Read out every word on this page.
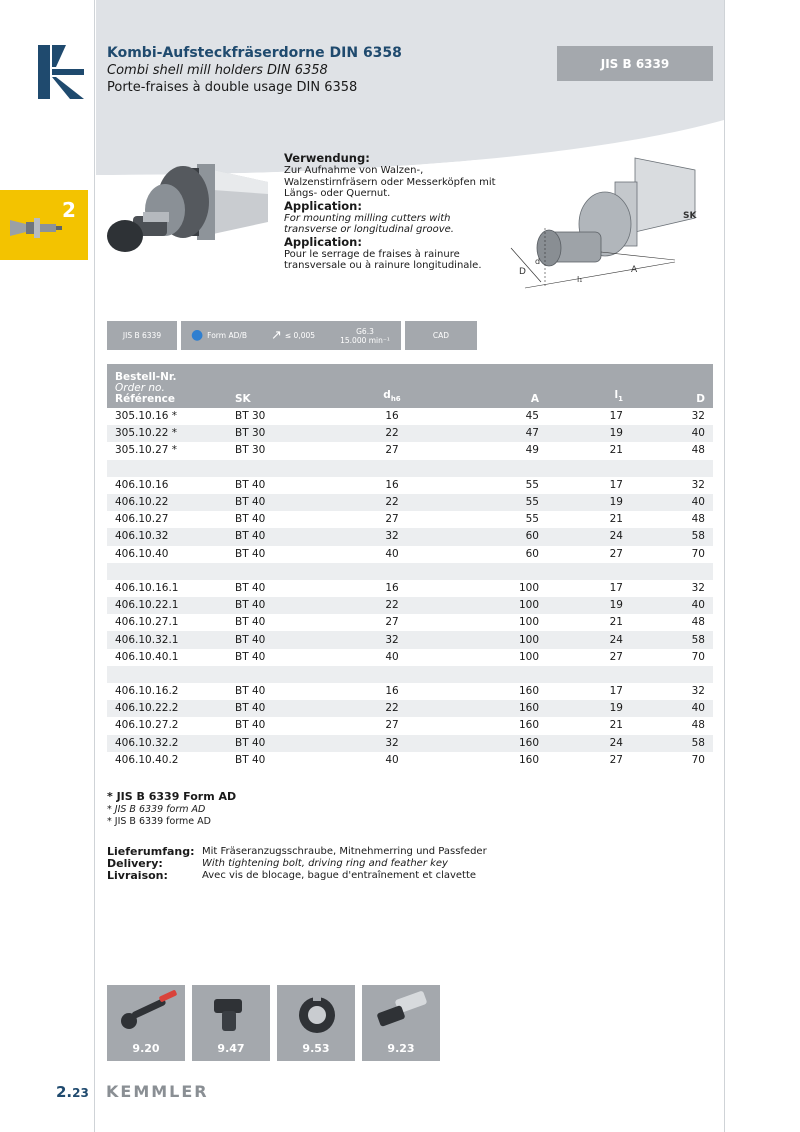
2
Kombi-Aufsteckfräserdorne DIN 6358
Combi shell mill holders DIN 6358
Porte-fraises à double usage DIN 6358
JIS B 6339
Verwendung:
Zur Aufnahme von Walzen-, Walzenstirnfräsern oder Messerköpfen mit Längs- oder Quernut.
Application:
For mounting milling cutters with transverse or longitudinal groove.
Application:
Pour le serrage de fraises à rainure transversale ou à rainure longitudinale.
SK
D
d
l₁
A
JIS B 6339	● Form AD/B ↗ ≤ 0,005	G6.3
15.000 min⁻¹	CAD
Bestell-Nr.
Order no.
Référence	SK	$d_{h6}$	A	$l_1$	D
305.10.16 *	BT 30	16	45	17	32
305.10.22 *	BT 30	22	47	19	40
305.10.27 *	BT 30	27	49	21	48

406.10.16	BT 40	16	55	17	32
406.10.22	BT 40	22	55	19	40
406.10.27	BT 40	27	55	21	48
406.10.32	BT 40	32	60	24	58
406.10.40	BT 40	40	60	27	70

406.10.16.1	BT 40	16	100	17	32
406.10.22.1	BT 40	22	100	19	40
406.10.27.1	BT 40	27	100	21	48
406.10.32.1	BT 40	32	100	24	58
406.10.40.1	BT 40	40	100	27	70

406.10.16.2	BT 40	16	160	17	32
406.10.22.2	BT 40	22	160	19	40
406.10.27.2	BT 40	27	160	21	48
406.10.32.2	BT 40	32	160	24	58
406.10.40.2	BT 40	40	160	27	70
* JIS B 6339 Form AD
* JIS B 6339 form AD
* JIS B 6339 forme AD
Lieferumfang: Mit Fräseranzugsschraube, Mitnehmerring und Passfeder
Delivery:	With tightening bolt, driving ring and feather key
Livraison:	Avec vis de blocage, bague d'entraînement et clavette
9.20	9.47	9.53	9.23
2.23 KEMMLER
